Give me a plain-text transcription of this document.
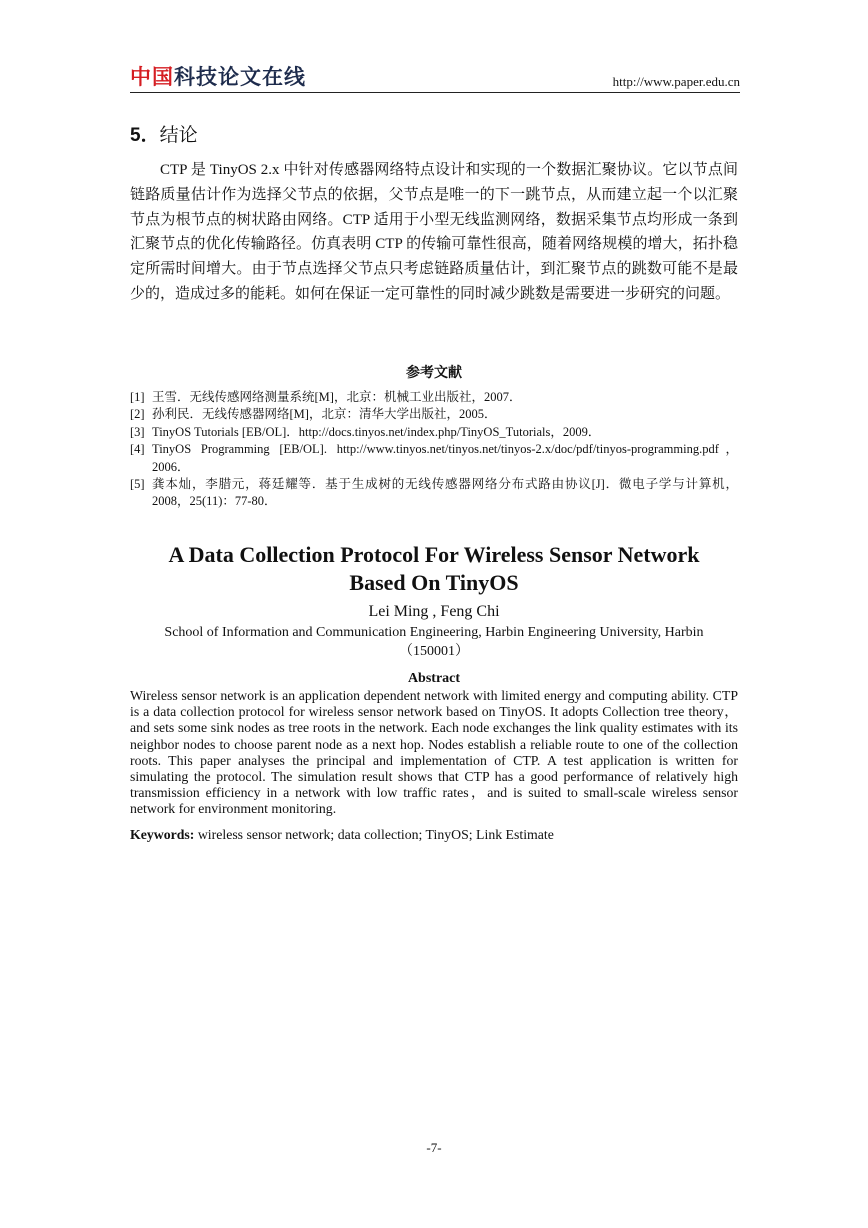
中国科技论文在线	http://www.paper.edu.cn
5．结论

CTP 是 TinyOS 2.x 中针对传感器网络特点设计和实现的一个数据汇聚协议。它以节点间链路质量估计作为选择父节点的依据，父节点是唯一的下一跳节点，从而建立起一个以汇聚节点为根节点的树状路由网络。CTP 适用于小型无线监测网络，数据采集节点均形成一条到汇聚节点的优化传输路径。仿真表明 CTP 的传输可靠性很高，随着网络规模的增大，拓扑稳定所需时间增大。由于节点选择父节点只考虑链路质量估计，到汇聚节点的跳数可能不是最少的，造成过多的能耗。如何在保证一定可靠性的同时减少跳数是需要进一步研究的问题。

参考文献
[1] 王雪．无线传感网络测量系统[M]，北京：机械工业出版社，2007．
[2] 孙利民．无线传感器网络[M]，北京：清华大学出版社，2005．
[3] TinyOS Tutorials [EB/OL]．http://docs.tinyos.net/index.php/TinyOS_Tutorials，2009．
[4] TinyOS Programming [EB/OL]. http://www.tinyos.net/tinyos.net/tinyos-2.x/doc/pdf/tinyos-programming.pdf，2006．
[5] 龚本灿，李腊元，蒋廷耀等．基于生成树的无线传感器网络分布式路由协议[J]．微电子学与计算机，2008，25(11)：77-80．
A Data Collection Protocol For Wireless Sensor Network
Based On TinyOS
Lei Ming , Feng Chi
School of Information and Communication Engineering, Harbin Engineering University, Harbin
（150001）
Abstract

Wireless sensor network is an application dependent network with limited energy and computing ability. CTP is a data collection protocol for wireless sensor network based on TinyOS. It adopts Collection tree theory，and sets some sink nodes as tree roots in the network. Each node exchanges the link quality estimates with its neighbor nodes to choose parent node as a next hop. Nodes establish a reliable route to one of the collection roots. This paper analyses the principal and implementation of CTP. A test application is written for simulating the protocol. The simulation result shows that CTP has a good performance of relatively high transmission efficiency in a network with low traffic rates，and is suited to small-scale wireless sensor network for environment monitoring.

Keywords: wireless sensor network; data collection; TinyOS; Link Estimate
-7-
